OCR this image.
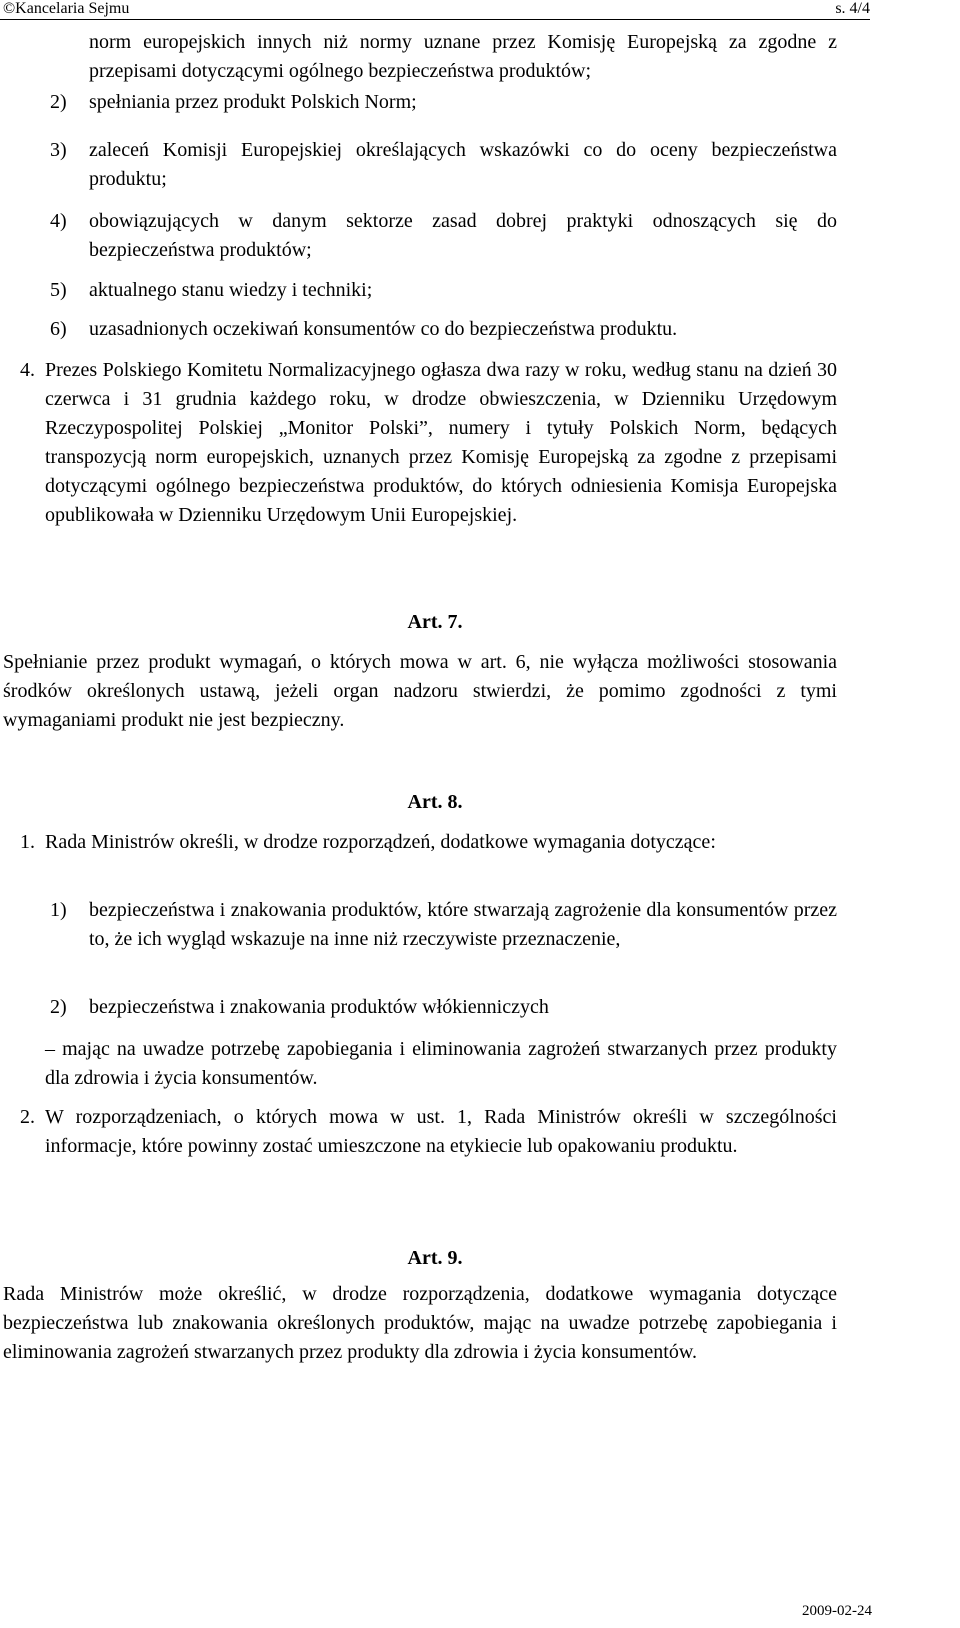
©Kancelaria Sejmu	s. 4/4
norm europejskich innych niż normy uznane przez Komisję Europejską za zgodne z przepisami dotyczącymi ogólnego bezpieczeństwa produktów;
2) spełniania przez produkt Polskich Norm;
3) zaleceń Komisji Europejskiej określających wskazówki co do oceny bezpieczeństwa produktu;
4) obowiązujących w danym sektorze zasad dobrej praktyki odnoszących się do bezpieczeństwa produktów;
5) aktualnego stanu wiedzy i techniki;
6) uzasadnionych oczekiwań konsumentów co do bezpieczeństwa produktu.
4. Prezes Polskiego Komitetu Normalizacyjnego ogłasza dwa razy w roku, według stanu na dzień 30 czerwca i 31 grudnia każdego roku, w drodze obwieszczenia, w Dzienniku Urzędowym Rzeczypospolitej Polskiej „Monitor Polski”, numery i tytuły Polskich Norm, będących transpozycją norm europejskich, uznanych przez Komisję Europejską za zgodne z przepisami dotyczącymi ogólnego bezpieczeństwa produktów, do których odniesienia Komisja Europejska opublikowała w Dzienniku Urzędowym Unii Europejskiej.
Art. 7.
Spełnianie przez produkt wymagań, o których mowa w art. 6, nie wyłącza możliwości stosowania środków określonych ustawą, jeżeli organ nadzoru stwierdzi, że pomimo zgodności z tymi wymaganiami produkt nie jest bezpieczny.
Art. 8.
1. Rada Ministrów określi, w drodze rozporządzeń, dodatkowe wymagania dotyczące:
1) bezpieczeństwa i znakowania produktów, które stwarzają zagrożenie dla konsumentów przez to, że ich wygląd wskazuje na inne niż rzeczywiste przeznaczenie,
2) bezpieczeństwa i znakowania produktów włókienniczych
– mając na uwadze potrzebę zapobiegania i eliminowania zagrożeń stwarzanych przez produkty dla zdrowia i życia konsumentów.
2. W rozporządzeniach, o których mowa w ust. 1, Rada Ministrów określi w szczególności informacje, które powinny zostać umieszczone na etykiecie lub opakowaniu produktu.
Art. 9.
Rada Ministrów może określić, w drodze rozporządzenia, dodatkowe wymagania dotyczące bezpieczeństwa lub znakowania określonych produktów, mając na uwadze potrzebę zapobiegania i eliminowania zagrożeń stwarzanych przez produkty dla zdrowia i życia konsumentów.
2009-02-24
